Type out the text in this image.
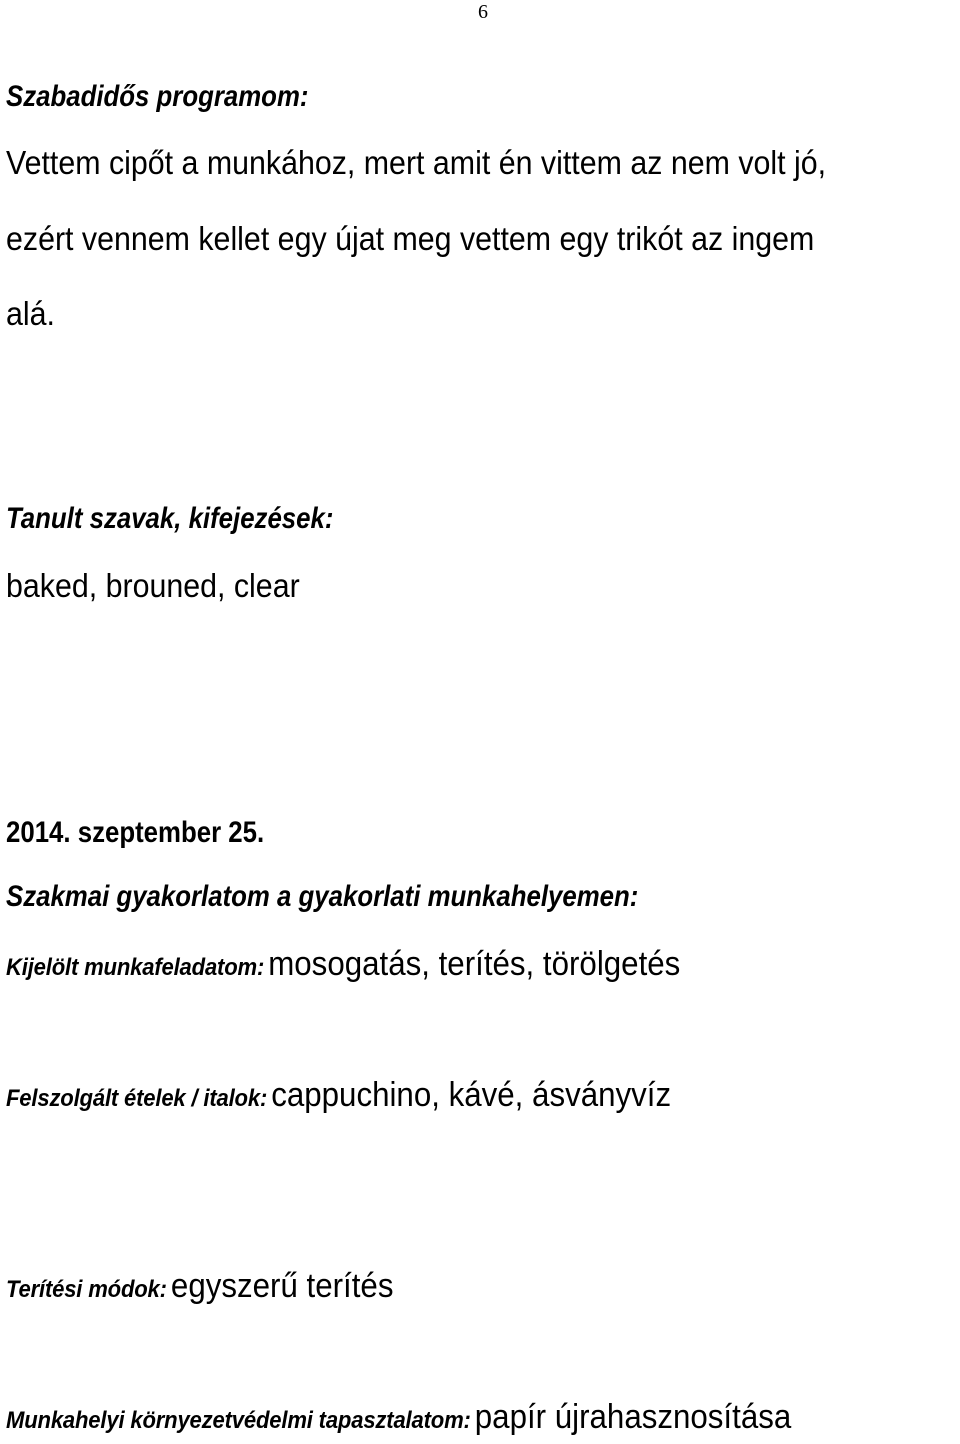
6
Szabadidős programom:
Vettem cipőt a munkához, mert amit én vittem az nem volt jó,
ezért vennem kellet egy újat meg vettem egy trikót az ingem
alá.
Tanult szavak, kifejezések:
baked, brouned, clear
2014. szeptember 25.
Szakmai gyakorlatom a gyakorlati munkahelyemen:
Kijelölt munkafeladatom: mosogatás, terítés, törölgetés
Felszolgált ételek / italok: cappuchino, kávé, ásványvíz
Terítési módok: egyszerű terítés
Munkahelyi környezetvédelmi tapasztalatom: papír újrahasznosítása
